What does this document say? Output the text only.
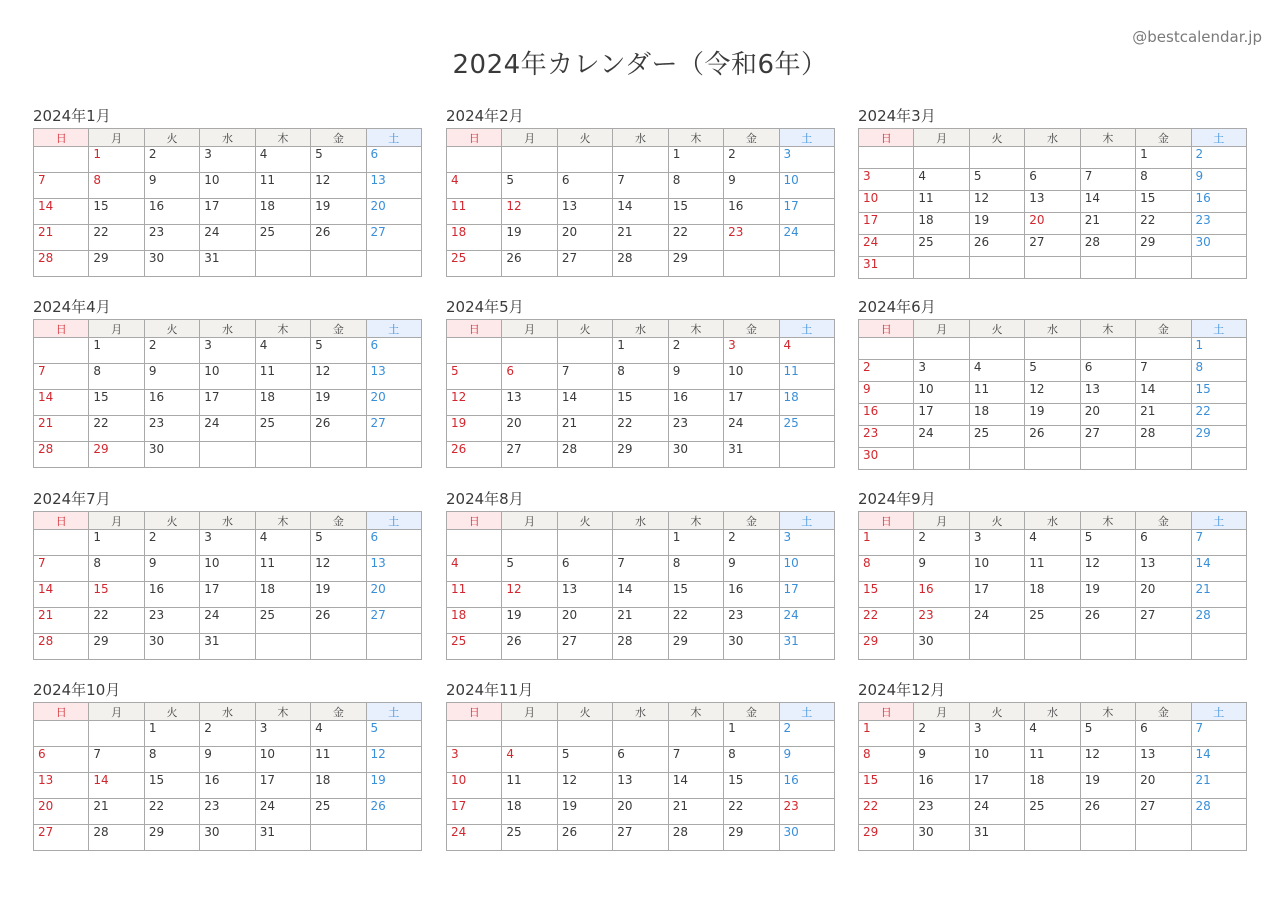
@bestcalendar.jp
2024年カレンダー（令和6年）
2024年1月
日	月	火	水	木	金	土
	1	2	3	4	5	6
7	8	9	10	11	12	13
14	15	16	17	18	19	20
21	22	23	24	25	26	27
28	29	30	31			
2024年2月
日	月	火	水	木	金	土
				1	2	3
4	5	6	7	8	9	10
11	12	13	14	15	16	17
18	19	20	21	22	23	24
25	26	27	28	29		
2024年3月
日	月	火	水	木	金	土
					1	2
3	4	5	6	7	8	9
10	11	12	13	14	15	16
17	18	19	20	21	22	23
24	25	26	27	28	29	30
31						
2024年4月
日	月	火	水	木	金	土
	1	2	3	4	5	6
7	8	9	10	11	12	13
14	15	16	17	18	19	20
21	22	23	24	25	26	27
28	29	30				
2024年5月
日	月	火	水	木	金	土
			1	2	3	4
5	6	7	8	9	10	11
12	13	14	15	16	17	18
19	20	21	22	23	24	25
26	27	28	29	30	31	
2024年6月
日	月	火	水	木	金	土
						1
2	3	4	5	6	7	8
9	10	11	12	13	14	15
16	17	18	19	20	21	22
23	24	25	26	27	28	29
30						
2024年7月
日	月	火	水	木	金	土
	1	2	3	4	5	6
7	8	9	10	11	12	13
14	15	16	17	18	19	20
21	22	23	24	25	26	27
28	29	30	31			
2024年8月
日	月	火	水	木	金	土
				1	2	3
4	5	6	7	8	9	10
11	12	13	14	15	16	17
18	19	20	21	22	23	24
25	26	27	28	29	30	31
2024年9月
日	月	火	水	木	金	土
1	2	3	4	5	6	7
8	9	10	11	12	13	14
15	16	17	18	19	20	21
22	23	24	25	26	27	28
29	30					
2024年10月
日	月	火	水	木	金	土
		1	2	3	4	5
6	7	8	9	10	11	12
13	14	15	16	17	18	19
20	21	22	23	24	25	26
27	28	29	30	31		
2024年11月
日	月	火	水	木	金	土
					1	2
3	4	5	6	7	8	9
10	11	12	13	14	15	16
17	18	19	20	21	22	23
24	25	26	27	28	29	30
2024年12月
日	月	火	水	木	金	土
1	2	3	4	5	6	7
8	9	10	11	12	13	14
15	16	17	18	19	20	21
22	23	24	25	26	27	28
29	30	31				
